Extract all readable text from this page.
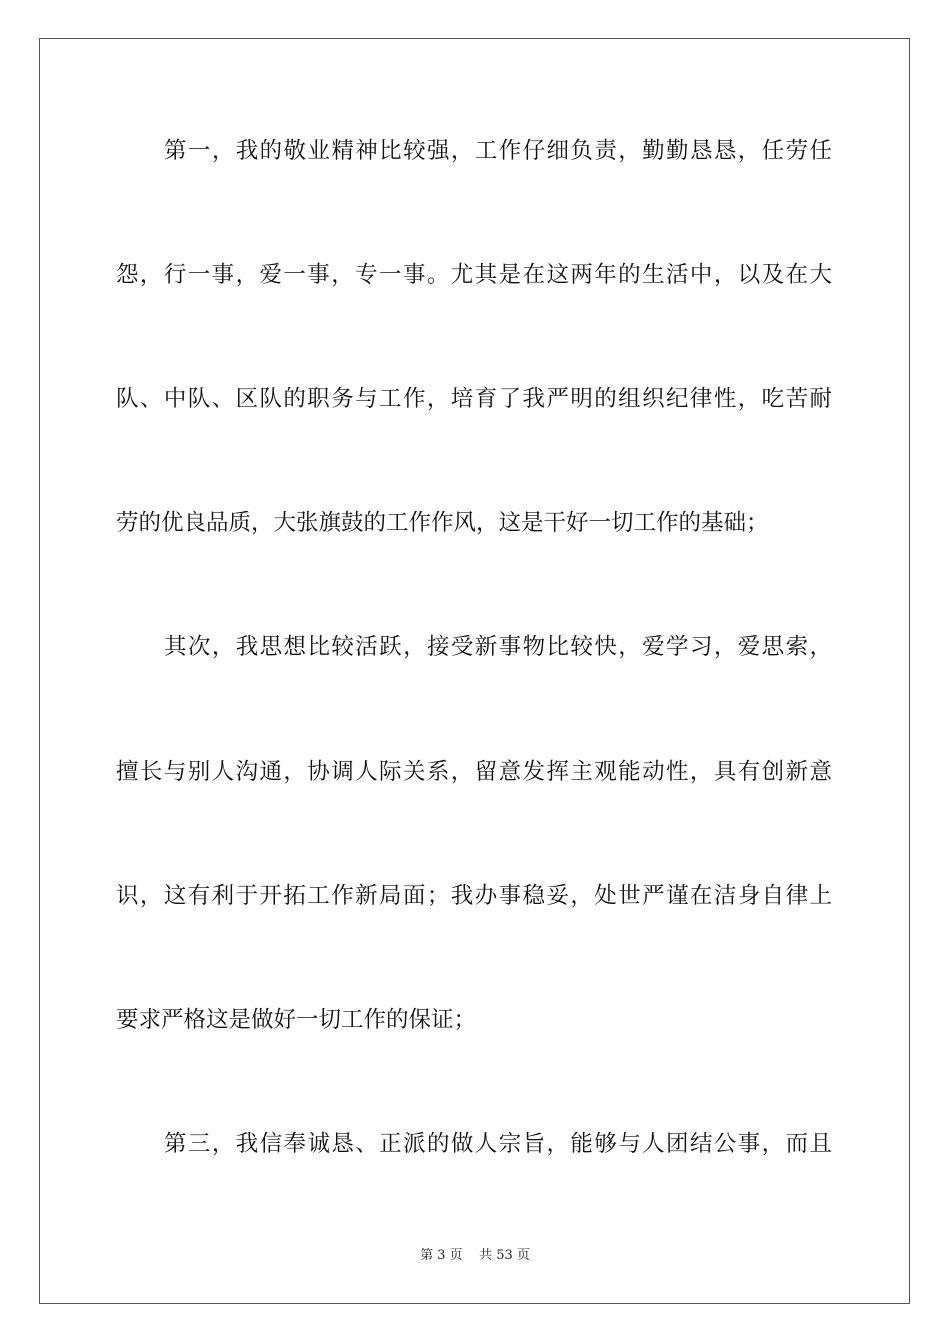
第一，我的敬业精神比较强，工作仔细负责，勤勤恳恳，任劳任
怨，行一事，爱一事，专一事。尤其是在这两年的生活中，以及在大
队、中队、区队的职务与工作，培育了我严明的组织纪律性，吃苦耐
劳的优良品质，大张旗鼓的工作作风，这是干好一切工作的基础；
其次，我思想比较活跃，接受新事物比较快，爱学习，爱思索，
擅长与别人沟通，协调人际关系，留意发挥主观能动性，具有创新意
识，这有利于开拓工作新局面；我办事稳妥，处世严谨在洁身自律上
要求严格这是做好一切工作的保证；
第三，我信奉诚恳、正派的做人宗旨，能够与人团结公事，而且
第 3 页    共 53 页
